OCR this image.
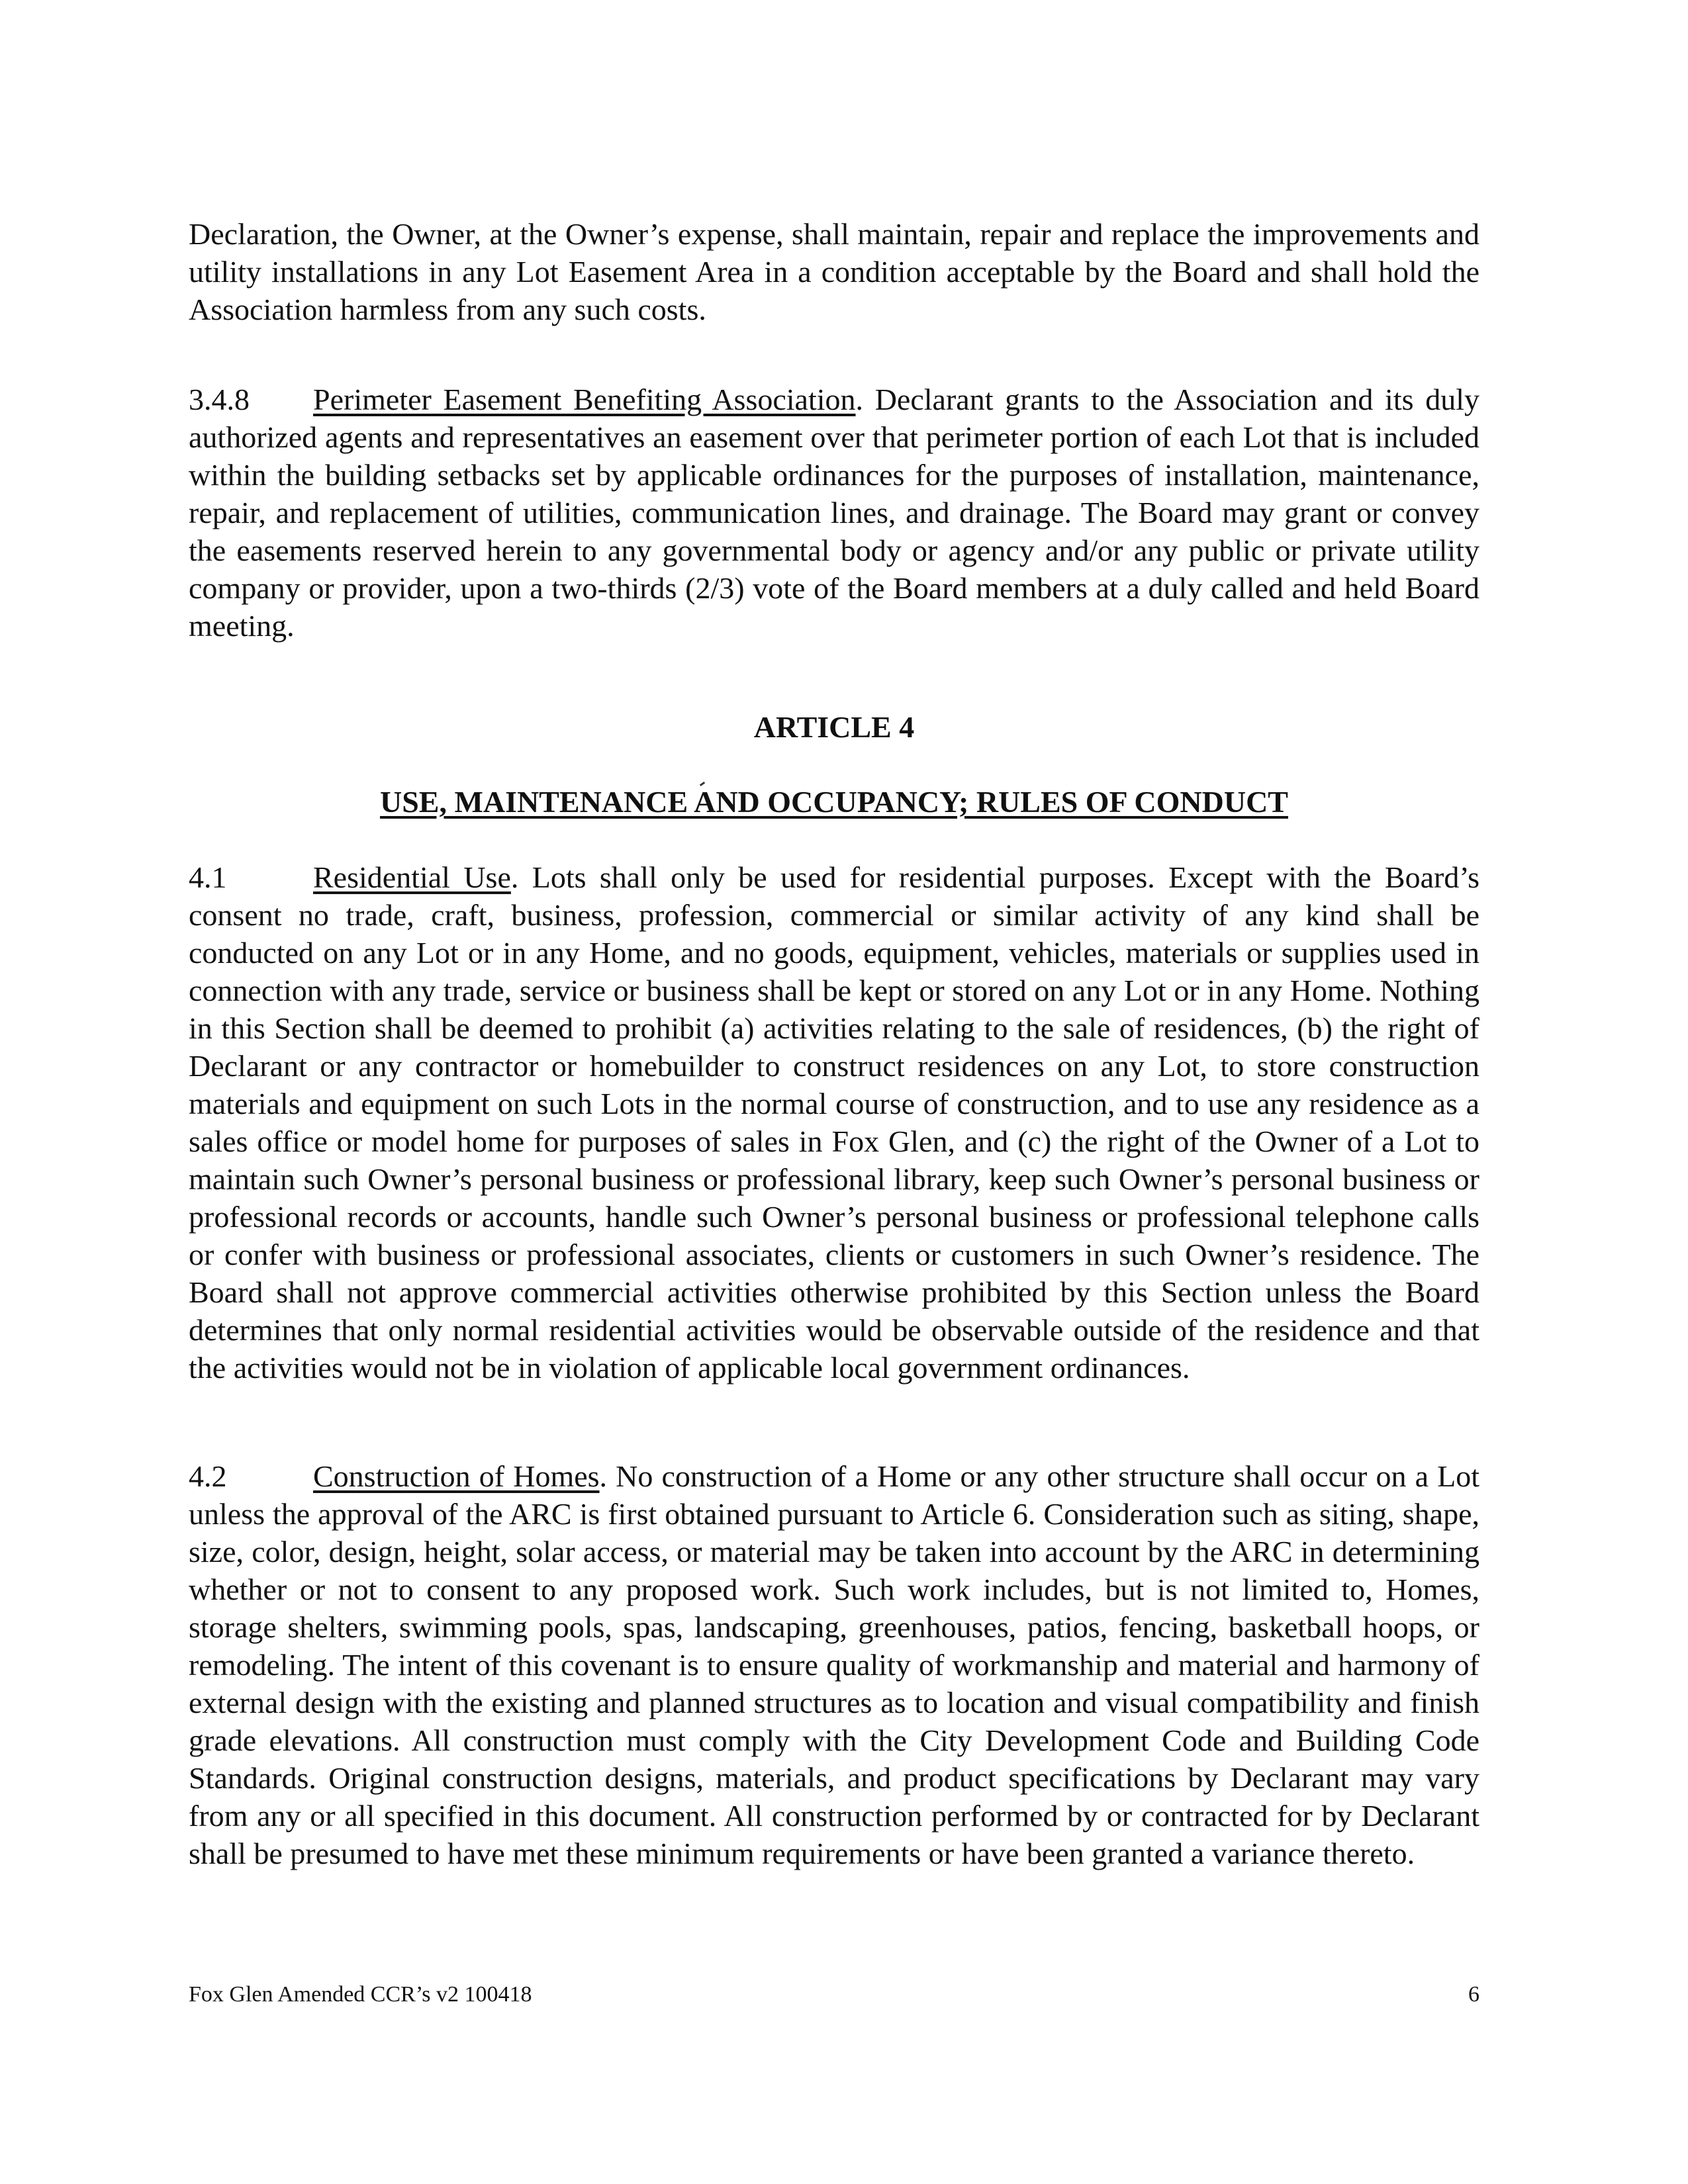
Declaration, the Owner, at the Owner’s expense, shall maintain, repair and replace the improvements and utility installations in any Lot Easement Area in a condition acceptable by the Board and shall hold the Association harmless from any such costs.

3.4.8 Perimeter Easement Benefiting Association. Declarant grants to the Association and its duly authorized agents and representatives an easement over that perimeter portion of each Lot that is included within the building setbacks set by applicable ordinances for the purposes of installation, maintenance, repair, and replacement of utilities, communication lines, and drainage. The Board may grant or convey the easements reserved herein to any governmental body or agency and/or any public or private utility company or provider, upon a two-thirds (2/3) vote of the Board members at a duly called and held Board meeting.

ARTICLE 4
USE, MAINTENANCE AND OCCUPANCY; RULES OF CONDUCT

4.1	Residential Use. Lots shall only be used for residential purposes. Except with the Board’s consent no trade, craft, business, profession, commercial or similar activity of any kind shall be conducted on any Lot or in any Home, and no goods, equipment, vehicles, materials or supplies used in connection with any trade, service or business shall be kept or stored on any Lot or in any Home. Nothing in this Section shall be deemed to prohibit (a) activities relating to the sale of residences, (b) the right of Declarant or any contractor or homebuilder to construct residences on any Lot, to store construction materials and equipment on such Lots in the normal course of construction, and to use any residence as a sales office or model home for purposes of sales in Fox Glen, and (c) the right of the Owner of a Lot to maintain such Owner’s personal business or professional library, keep such Owner’s personal business or professional records or accounts, handle such Owner’s personal business or professional telephone calls or confer with business or professional associates, clients or customers in such Owner’s residence. The Board shall not approve commercial activities otherwise prohibited by this Section unless the Board determines that only normal residential activities would be observable outside of the residence and that the activities would not be in violation of applicable local government ordinances.

4.2	Construction of Homes. No construction of a Home or any other structure shall occur on a Lot unless the approval of the ARC is first obtained pursuant to Article 6. Consideration such as siting, shape, size, color, design, height, solar access, or material may be taken into account by the ARC in determining whether or not to consent to any proposed work. Such work includes, but is not limited to, Homes, storage shelters, swimming pools, spas, landscaping, greenhouses, patios, fencing, basketball hoops, or remodeling. The intent of this covenant is to ensure quality of workmanship and material and harmony of external design with the existing and planned structures as to location and visual compatibility and finish grade elevations. All construction must comply with the City Development Code and Building Code Standards. Original construction designs, materials, and product specifications by Declarant may vary from any or all specified in this document. All construction performed by or contracted for by Declarant shall be presumed to have met these minimum requirements or have been granted a variance thereto.

Fox Glen Amended CCR’s v2 100418	6
